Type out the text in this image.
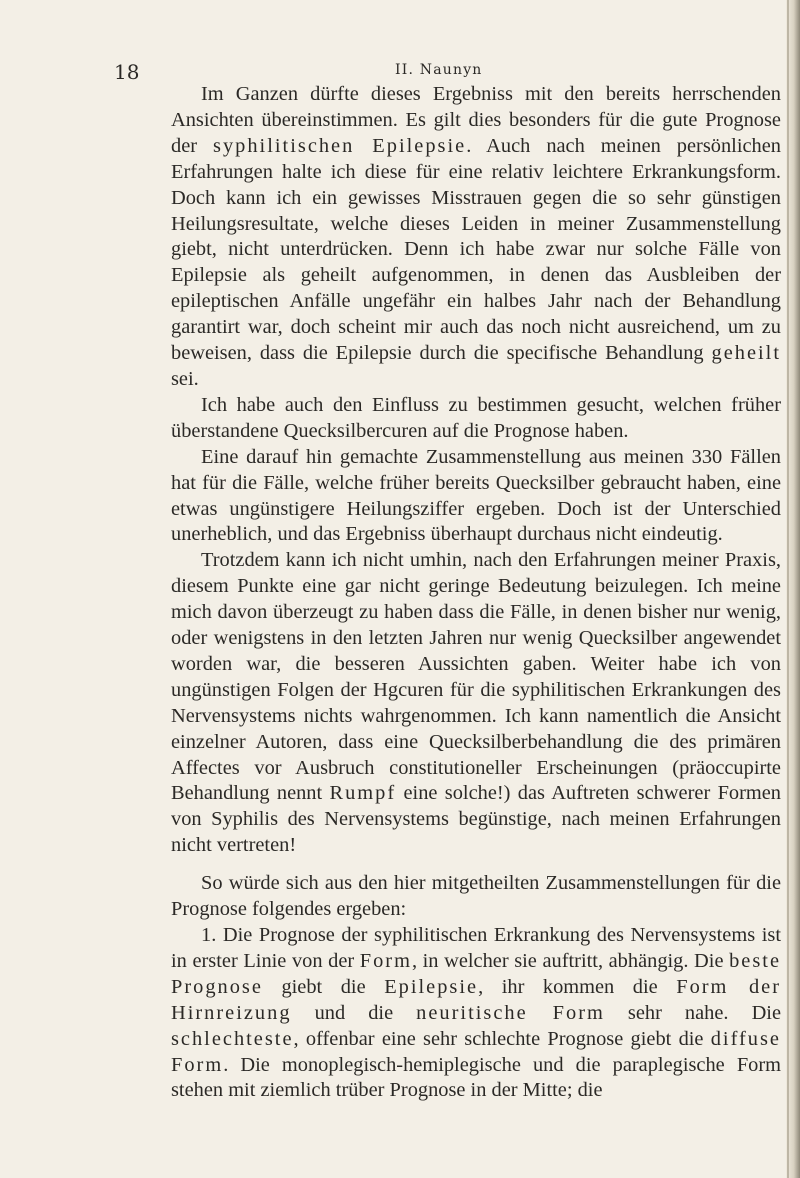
18	II. Naunyn

Im Ganzen dürfte dieses Ergebniss mit den bereits herrschenden Ansichten übereinstimmen. Es gilt dies besonders für die gute Prognose der syphilitischen Epilepsie. Auch nach meinen persönlichen Erfahrungen halte ich diese für eine relativ leichtere Erkrankungsform. Doch kann ich ein gewisses Misstrauen gegen die so sehr günstigen Heilungsresultate, welche dieses Leiden in meiner Zusammenstellung giebt, nicht unterdrücken. Denn ich habe zwar nur solche Fälle von Epilepsie als geheilt aufgenommen, in denen das Ausbleiben der epileptischen Anfälle ungefähr ein halbes Jahr nach der Behandlung garantirt war, doch scheint mir auch das noch nicht ausreichend, um zu beweisen, dass die Epilepsie durch die specifische Behandlung geheilt sei.

Ich habe auch den Einfluss zu bestimmen gesucht, welchen früher überstandene Quecksilbercuren auf die Prognose haben.

Eine darauf hin gemachte Zusammenstellung aus meinen 330 Fällen hat für die Fälle, welche früher bereits Quecksilber gebraucht haben, eine etwas ungünstigere Heilungsziffer ergeben. Doch ist der Unterschied unerheblich, und das Ergebniss überhaupt durchaus nicht eindeutig.

Trotzdem kann ich nicht umhin, nach den Erfahrungen meiner Praxis, diesem Punkte eine gar nicht geringe Bedeutung beizulegen. Ich meine mich davon überzeugt zu haben dass die Fälle, in denen bisher nur wenig, oder wenigstens in den letzten Jahren nur wenig Quecksilber angewendet worden war, die besseren Aussichten gaben. Weiter habe ich von ungünstigen Folgen der Hgcuren für die syphilitischen Erkrankungen des Nervensystems nichts wahrgenommen. Ich kann namentlich die Ansicht einzelner Autoren, dass eine Quecksilberbehandlung die des primären Affectes vor Ausbruch constitutioneller Erscheinungen (präoccupirte Behandlung nennt Rumpf eine solche!) das Auftreten schwerer Formen von Syphilis des Nervensystems begünstige, nach meinen Erfahrungen nicht vertreten!

So würde sich aus den hier mitgetheilten Zusammenstellungen für die Prognose folgendes ergeben:

1. Die Prognose der syphilitischen Erkrankung des Nervensystems ist in erster Linie von der Form, in welcher sie auftritt, abhängig. Die beste Prognose giebt die Epilepsie, ihr kommen die Form der Hirnreizung und die neuritische Form sehr nahe. Die schlechteste, offenbar eine sehr schlechte Prognose giebt die diffuse Form. Die monoplegisch-hemiplegische und die paraplegische Form stehen mit ziemlich trüber Prognose in der Mitte; die
